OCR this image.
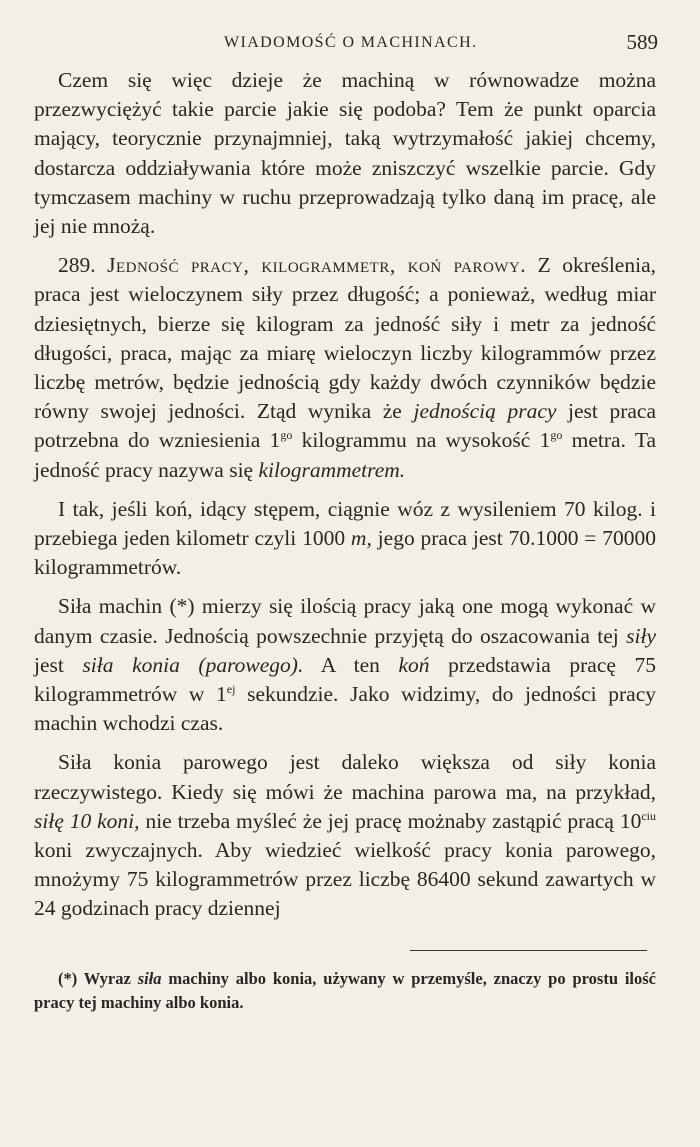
WIADOMOŚĆ O MACHINACH.	589

Czem się więc dzieje że machiną w równowadze można przezwyciężyć takie parcie jakie się podoba? Tem że punkt oparcia mający, teorycznie przynajmniej, taką wytrzymałość jakiej chcemy, dostarcza oddziaływania które może zniszczyć wszelkie parcie. Gdy tymczasem machiny w ruchu przeprowadzają tylko daną im pracę, ale jej nie mnożą.

289. Jedność pracy, kilogrammetr, koń parowy. Z określenia, praca jest wieloczynem siły przez długość; a ponieważ, według miar dziesiętnych, bierze się kilogram za jedność siły i metr za jedność długości, praca, mając za miarę wieloczyn liczby kilogrammów przez liczbę metrów, będzie jednością gdy każdy dwóch czynników będzie równy swojej jedności. Ztąd wynika że jednością pracy jest praca potrzebna do wzniesienia $1^{go}$ kilogrammu na wysokość $1^{go}$ metra. Ta jedność pracy nazywa się kilogrammetrem.

I tak, jeśli koń, idący stępem, ciągnie wóz z wysileniem 70 kilog. i przebiega jeden kilometr czyli 1000 m, jego praca jest 70.1000 = 70000 kilogrammetrów.

Siła machin (*) mierzy się ilością pracy jaką one mogą wykonać w danym czasie. Jednością powszechnie przyjętą do oszacowania tej siły jest siła konia (parowego). A ten koń przedstawia pracę 75 kilogrammetrów w $1^{ej}$ sekundzie. Jako widzimy, do jedności pracy machin wchodzi czas.

Siła konia parowego jest daleko większa od siły konia rzeczywistego. Kiedy się mówi że machina parowa ma, na przykład, siłę 10 koni, nie trzeba myśleć że jej pracę możnaby zastąpić pracą $10^{ciu}$ koni zwyczajnych. Aby wiedzieć wielkość pracy konia parowego, mnożymy 75 kilogrammetrów przez liczbę 86400 sekund zawartych w 24 godzinach pracy dziennej

(*) Wyraz siła machiny albo konia, używany w przemyśle, znaczy po prostu ilość pracy tej machiny albo konia.
